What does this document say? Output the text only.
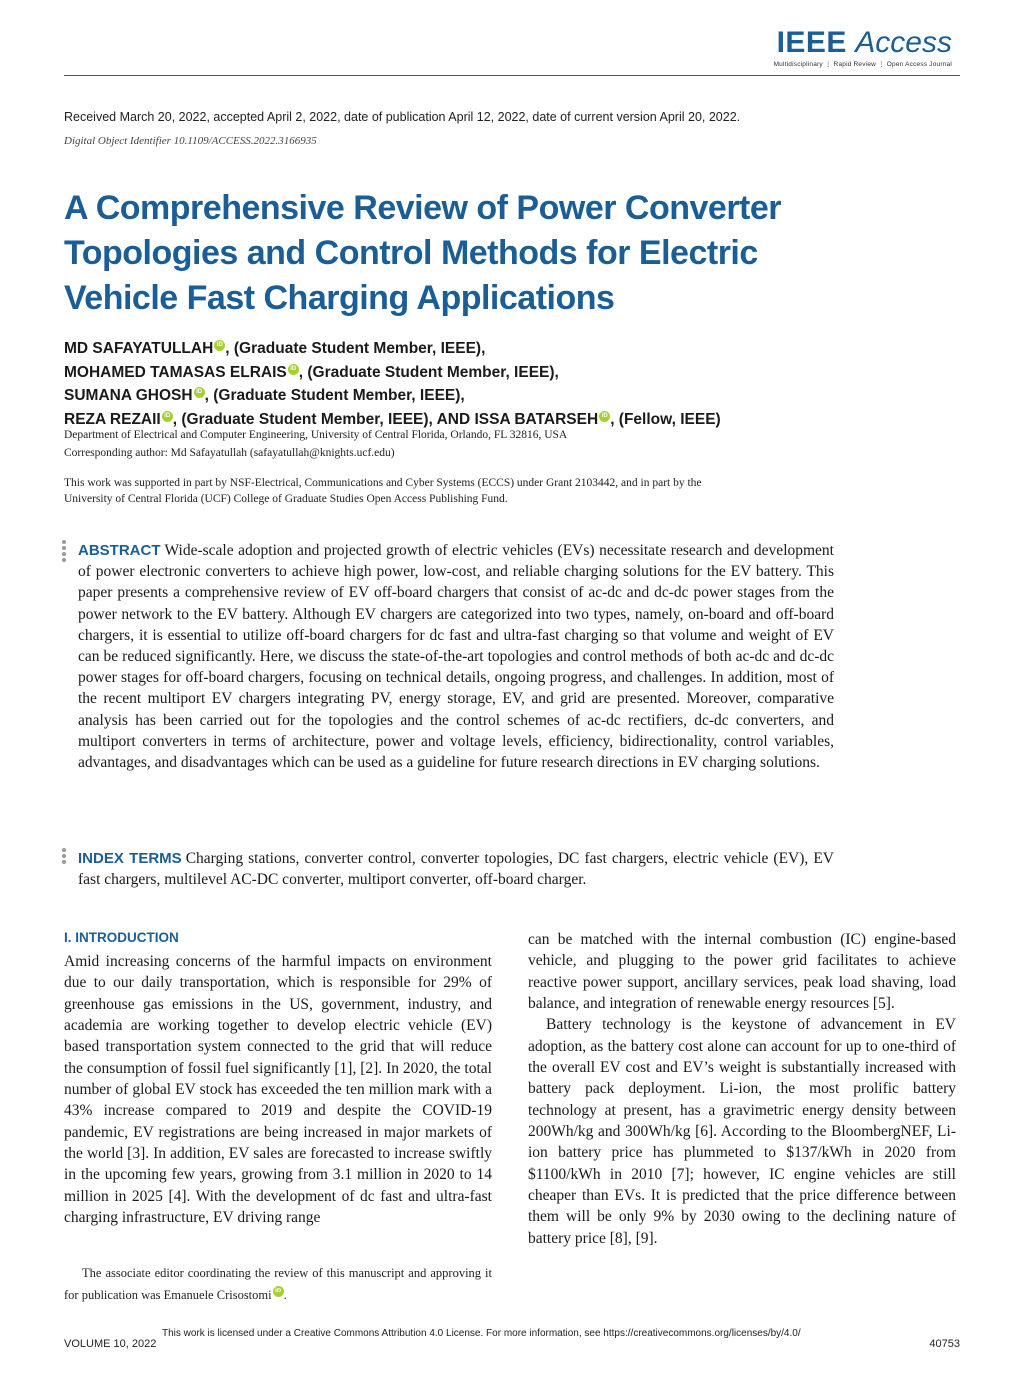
IEEE Access
Multidisciplinary ⋮ Rapid Review ⋮ Open Access Journal
Received March 20, 2022, accepted April 2, 2022, date of publication April 12, 2022, date of current version April 20, 2022.
Digital Object Identifier 10.1109/ACCESS.2022.3166935
A Comprehensive Review of Power Converter
Topologies and Control Methods for Electric
Vehicle Fast Charging Applications
MD SAFAYATULLAH iD , (Graduate Student Member, IEEE),
MOHAMED TAMASAS ELRAIS iD , (Graduate Student Member, IEEE),
SUMANA GHOSH iD , (Graduate Student Member, IEEE),
REZA REZAII iD , (Graduate Student Member, IEEE), AND ISSA BATARSEH iD , (Fellow, IEEE)
Department of Electrical and Computer Engineering, University of Central Florida, Orlando, FL 32816, USA
Corresponding author: Md Safayatullah (safayatullah@knights.ucf.edu)
This work was supported in part by NSF-Electrical, Communications and Cyber Systems (ECCS) under Grant 2103442, and in part by the
University of Central Florida (UCF) College of Graduate Studies Open Access Publishing Fund.
ABSTRACT Wide-scale adoption and projected growth of electric vehicles (EVs) necessitate research and development of power electronic converters to achieve high power, low-cost, and reliable charging solutions for the EV battery. This paper presents a comprehensive review of EV off-board chargers that consist of ac-dc and dc-dc power stages from the power network to the EV battery. Although EV chargers are categorized into two types, namely, on-board and off-board chargers, it is essential to utilize off-board chargers for dc fast and ultra-fast charging so that volume and weight of EV can be reduced significantly. Here, we discuss the state-of-the-art topologies and control methods of both ac-dc and dc-dc power stages for off-board chargers, focusing on technical details, ongoing progress, and challenges. In addition, most of the recent multiport EV chargers integrating PV, energy storage, EV, and grid are presented. Moreover, comparative analysis has been carried out for the topologies and the control schemes of ac-dc rectifiers, dc-dc converters, and multiport converters in terms of architecture, power and voltage levels, efficiency, bidirectionality, control variables, advantages, and disadvantages which can be used as a guideline for future research directions in EV charging solutions.
INDEX TERMS Charging stations, converter control, converter topologies, DC fast chargers, electric vehicle (EV), EV fast chargers, multilevel AC-DC converter, multiport converter, off-board charger.
I. INTRODUCTION

Amid increasing concerns of the harmful impacts on environment due to our daily transportation, which is responsible for 29% of greenhouse gas emissions in the US, government, industry, and academia are working together to develop electric vehicle (EV) based transportation system connected to the grid that will reduce the consumption of fossil fuel significantly [1], [2]. In 2020, the total number of global EV stock has exceeded the ten million mark with a 43% increase compared to 2019 and despite the COVID-19 pandemic, EV registrations are being increased in major markets of the world [3]. In addition, EV sales are forecasted to increase swiftly in the upcoming few years, growing from 3.1 million in 2020 to 14 million in 2025 [4]. With the development of dc fast and ultra-fast charging infrastructure, EV driving range

The associate editor coordinating the review of this manuscript and approving it for publication was Emanuele Crisostomi iD .

can be matched with the internal combustion (IC) engine-based vehicle, and plugging to the power grid facilitates to achieve reactive power support, ancillary services, peak load shaving, load balance, and integration of renewable energy resources [5].

Battery technology is the keystone of advancement in EV adoption, as the battery cost alone can account for up to one-third of the overall EV cost and EV’s weight is substantially increased with battery pack deployment. Li-ion, the most prolific battery technology at present, has a gravimetric energy density between 200Wh/kg and 300Wh/kg [6]. According to the BloombergNEF, Li-ion battery price has plummeted to $137/kWh in 2020 from $1100/kWh in 2010 [7]; however, IC engine vehicles are still cheaper than EVs. It is predicted that the price difference between them will be only 9% by 2030 owing to the declining nature of battery price [8], [9].

VOLUME 10, 2022
This work is licensed under a Creative Commons Attribution 4.0 License. For more information, see https://creativecommons.org/licenses/by/4.0/
40753
